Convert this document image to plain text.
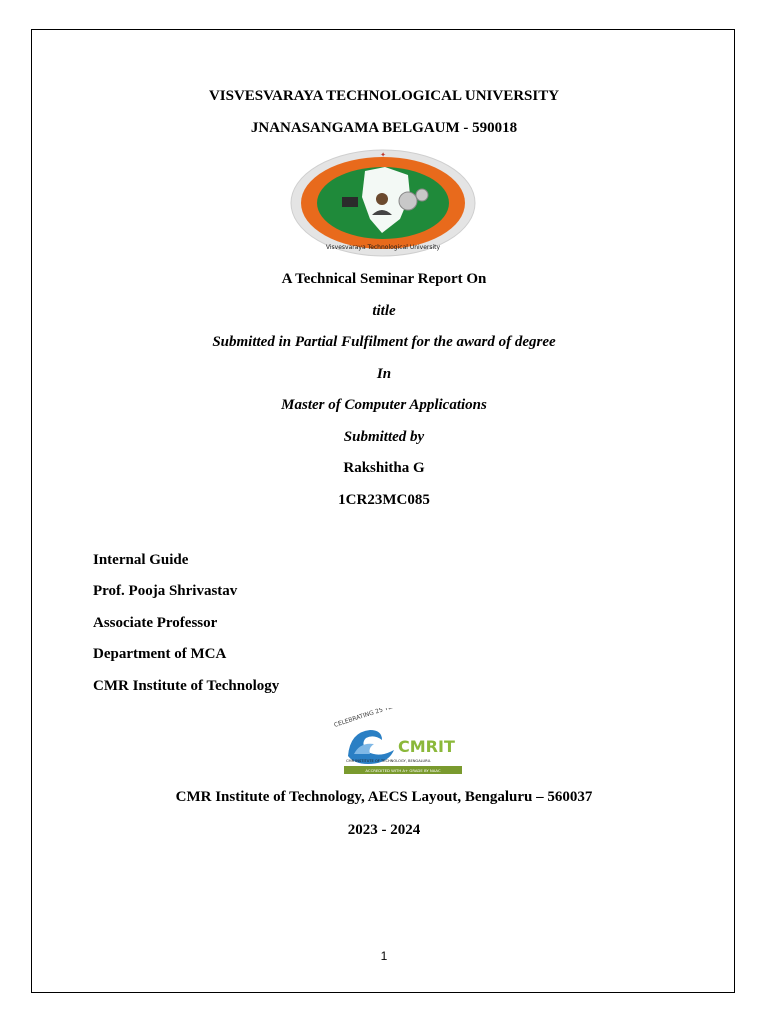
VISVESVARAYA TECHNOLOGICAL UNIVERSITY
JNANASANGAMA BELGAUM - 590018
✦
Visvesvaraya Technological University
A Technical Seminar Report On
title
Submitted in Partial Fulfilment for the award of degree
In
Master of Computer Applications
Submitted by
Rakshitha G
1CR23MC085
Internal Guide
Prof. Pooja Shrivastav
Associate Professor
Department of MCA
CMR Institute of Technology
CMRIT
CMR INSTITUTE OF TECHNOLOGY, BENGALURU.
ACCREDITED WITH A+ GRADE BY NAAC
CMR Institute of Technology, AECS Layout, Bengaluru – 560037
2023 - 2024
1
